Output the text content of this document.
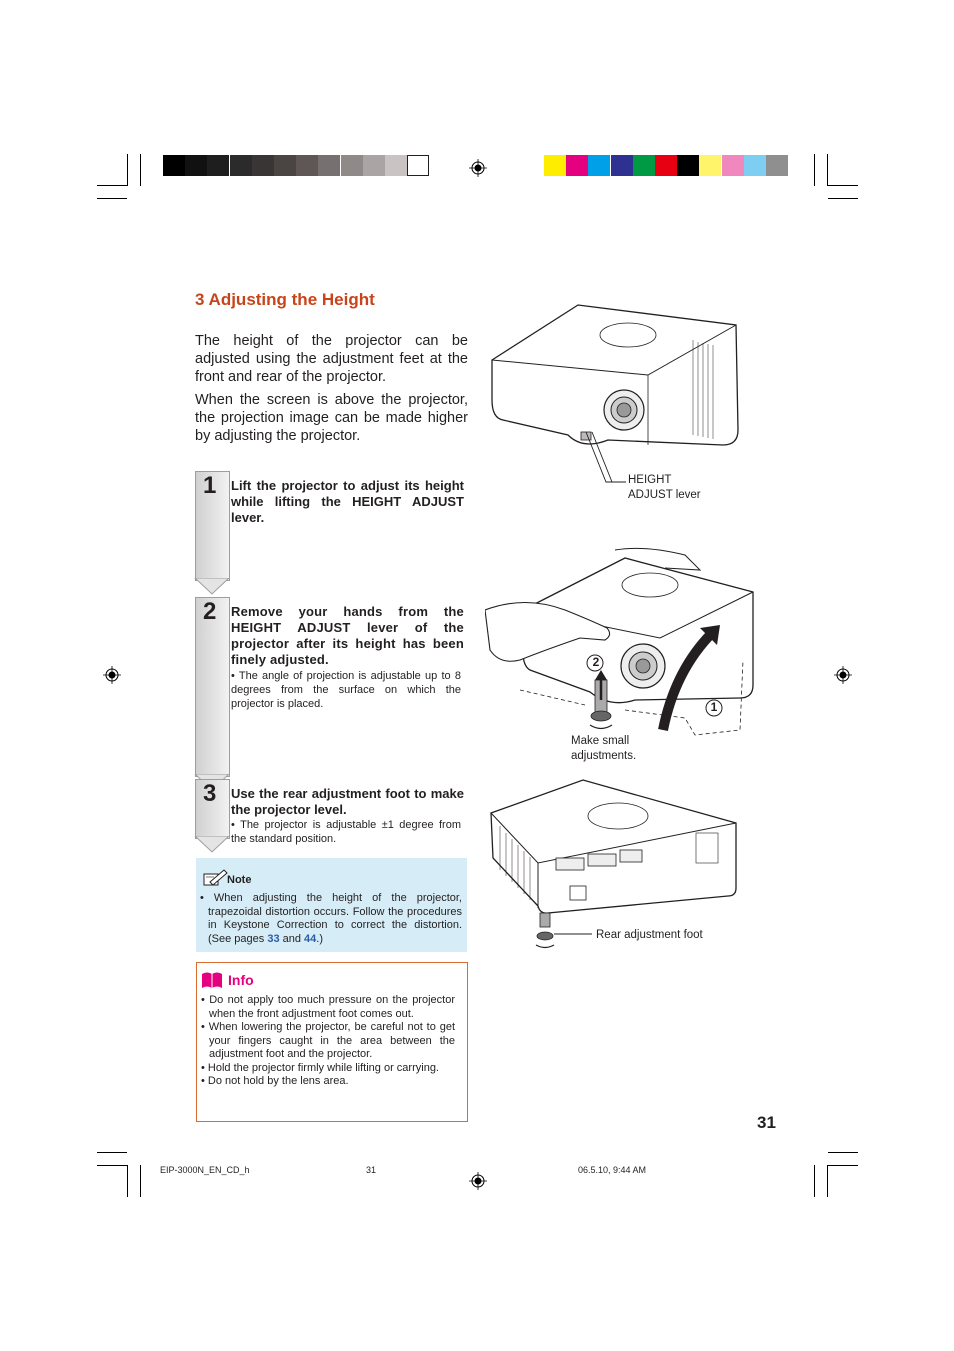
3 Adjusting the Height
The height of the projector can be adjusted using the adjustment feet at the front and rear of the projector.
When the screen is above the projector, the projection image can be made higher by adjusting the projector.
1 Lift the projector to adjust its height while lifting the HEIGHT ADJUST lever.
2 Remove your hands from the HEIGHT ADJUST lever of the projector after its height has been finely adjusted.
• The angle of projection is adjustable up to 8 degrees from the surface on which the projector is placed.
3 Use the rear adjustment foot to make the projector level.
• The projector is adjustable ±1 degree from the standard position.
Note
• When adjusting the height of the projector, trapezoidal distortion occurs. Follow the procedures in Keystone Correction to correct the distortion. (See pages 33 and 44.)
Info
• Do not apply too much pressure on the projector when the front adjustment foot comes out.
• When lowering the projector, be careful not to get your fingers caught in the area between the adjustment foot and the projector.
• Hold the projector firmly while lifting or carrying.
• Do not hold by the lens area.
HEIGHT
ADJUST lever
2
1
Make small
adjustments.
Rear adjustment foot
31
EIP-3000N_EN_CD_h	31	06.5.10, 9:44 AM
